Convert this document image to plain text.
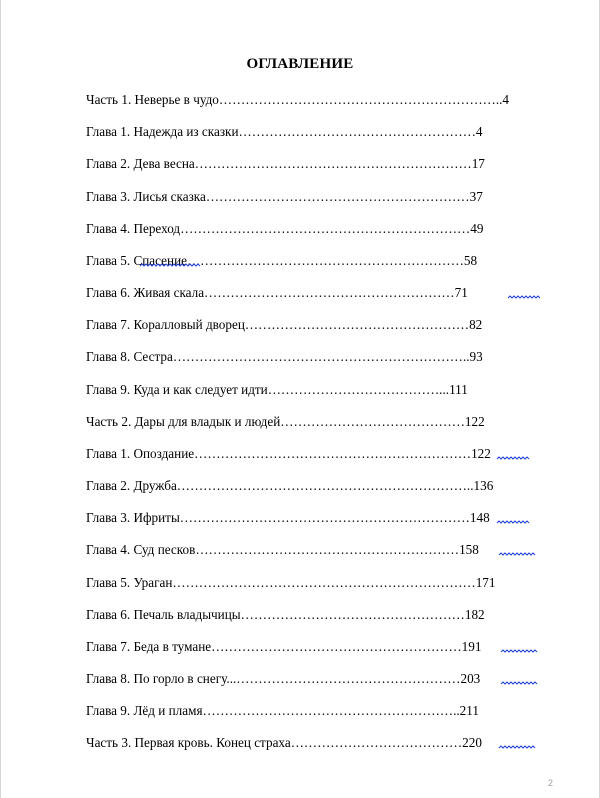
ОГЛАВЛЕНИЕ
Часть 1. Неверье в чудо………………………………………………………..4
Глава 1. Надежда из сказки………………………………………………4
Глава 2. Дева весна………………………………………………………17
Глава 3. Лисья сказка……………………………………………………37
Глава 4. Переход…………………………………………………………49
Глава 5. Спасение………………………………………………………58
Глава 6. Живая скала…………………………………………………71
Глава 7. Коралловый дворец……………………………………………82
Глава 8. Сестра…………………………………………………………..93
Глава 9. Куда и как следует идти…………………………………...111
Часть 2. Дары для владык и людей……………………………………122
Глава 1. Опоздание………………………………………………………122
Глава 2. Дружба…………………………………………………………..136
Глава 3. Ифриты…………………………………………………………148
Глава 4. Суд песков……………………………………………………158
Глава 5. Ураган……………………………………………………………171
Глава 6. Печаль владычицы……………………………………………182
Глава 7. Беда в тумане…………………………………………………191
Глава 8. По горло в снегу...……………………………………………203
Глава 9. Лёд и пламя…………………………………………………..211
Часть 3. Первая кровь. Конец страха…………………………………220
2
